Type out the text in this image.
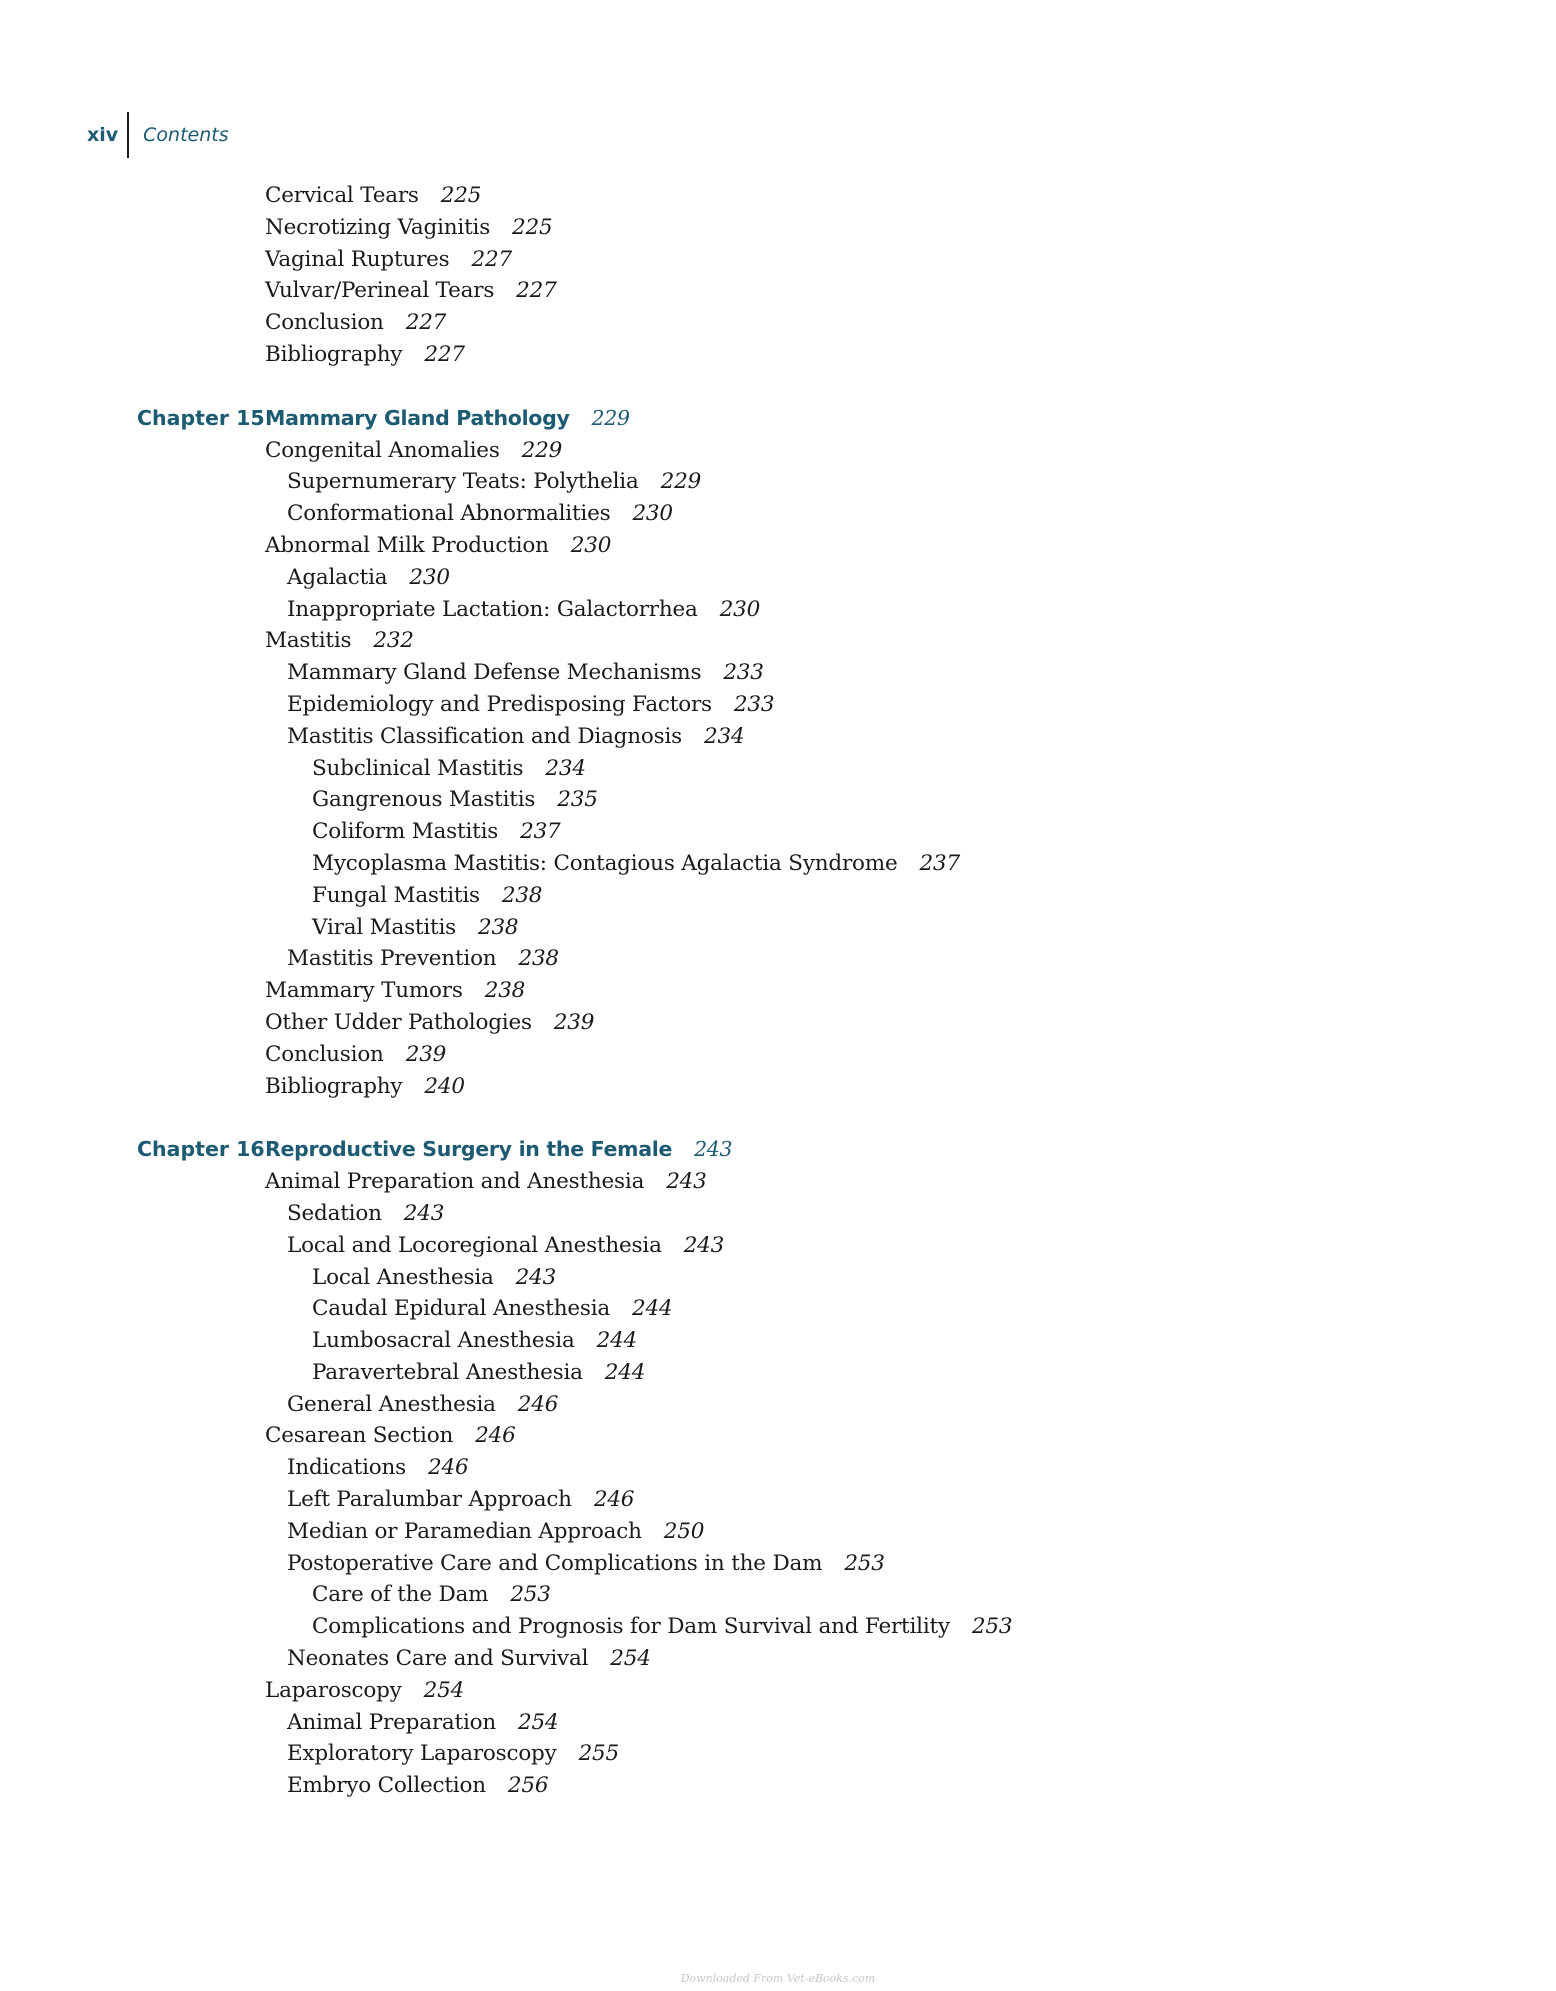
xiv Contents
Cervical Tears 225
Necrotizing Vaginitis 225
Vaginal Ruptures 227
Vulvar/Perineal Tears 227
Conclusion 227
Bibliography 227
Chapter 15 Mammary Gland Pathology 229
Congenital Anomalies 229
Supernumerary Teats: Polythelia 229
Conformational Abnormalities 230
Abnormal Milk Production 230
Agalactia 230
Inappropriate Lactation: Galactorrhea 230
Mastitis 232
Mammary Gland Defense Mechanisms 233
Epidemiology and Predisposing Factors 233
Mastitis Classification and Diagnosis 234
Subclinical Mastitis 234
Gangrenous Mastitis 235
Coliform Mastitis 237
Mycoplasma Mastitis: Contagious Agalactia Syndrome 237
Fungal Mastitis 238
Viral Mastitis 238
Mastitis Prevention 238
Mammary Tumors 238
Other Udder Pathologies 239
Conclusion 239
Bibliography 240
Chapter 16 Reproductive Surgery in the Female 243
Animal Preparation and Anesthesia 243
Sedation 243
Local and Locoregional Anesthesia 243
Local Anesthesia 243
Caudal Epidural Anesthesia 244
Lumbosacral Anesthesia 244
Paravertebral Anesthesia 244
General Anesthesia 246
Cesarean Section 246
Indications 246
Left Paralumbar Approach 246
Median or Paramedian Approach 250
Postoperative Care and Complications in the Dam 253
Care of the Dam 253
Complications and Prognosis for Dam Survival and Fertility 253
Neonates Care and Survival 254
Laparoscopy 254
Animal Preparation 254
Exploratory Laparoscopy 255
Embryo Collection 256
Downloaded From Vet-eBooks.com
